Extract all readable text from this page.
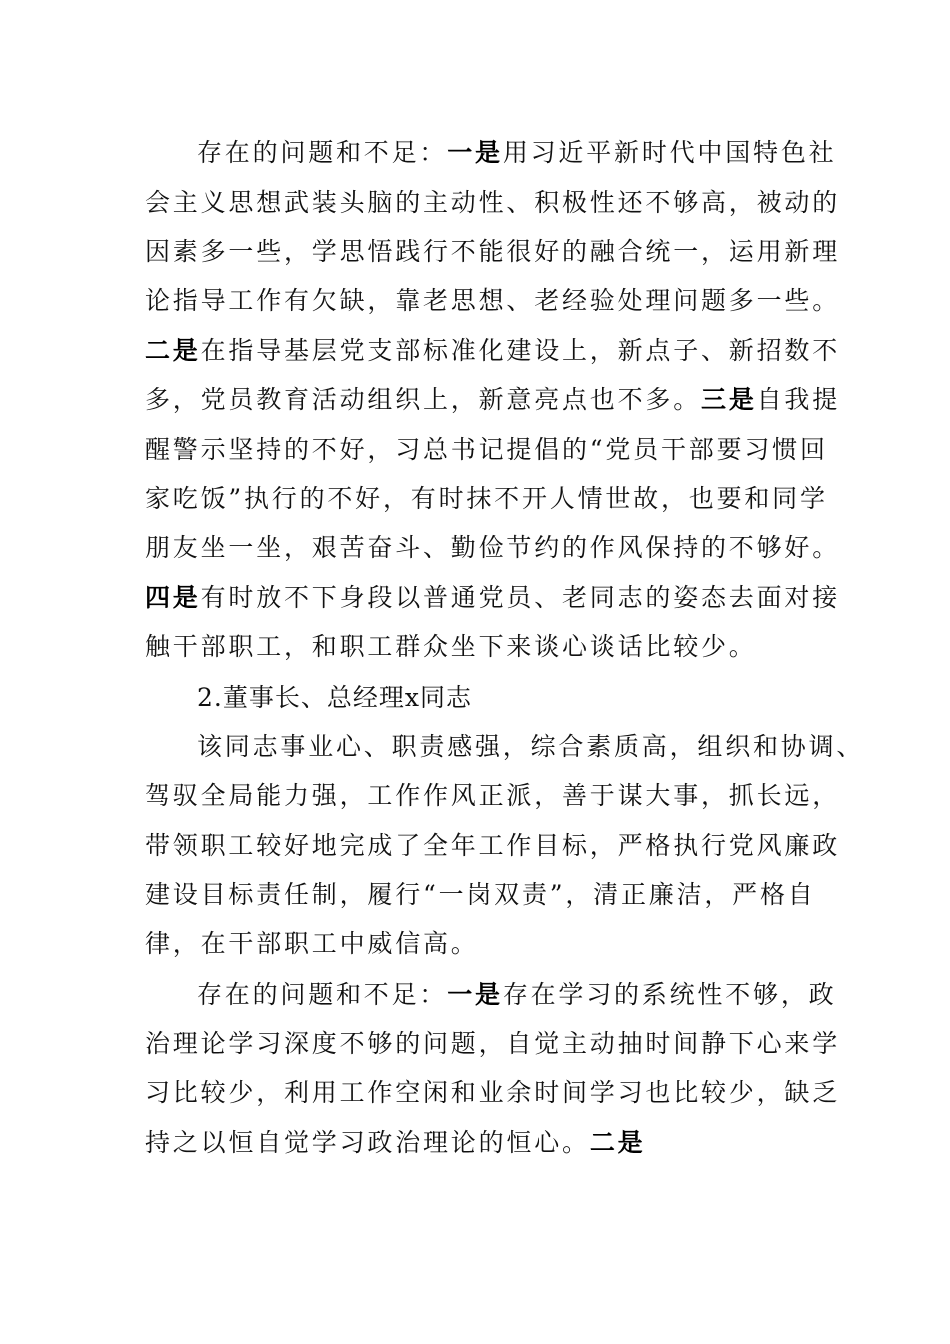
存在的问题和不足：一是用习近平新时代中国特色社
会主义思想武装头脑的主动性、积极性还不够高，被动的
因素多一些，学思悟践行不能很好的融合统一，运用新理
论指导工作有欠缺，靠老思想、老经验处理问题多一些。
二是在指导基层党支部标准化建设上，新点子、新招数不
多，党员教育活动组织上，新意亮点也不多。三是自我提
醒警示坚持的不好，习总书记提倡的“党员干部要习惯回
家吃饭”执行的不好，有时抹不开人情世故，也要和同学
朋友坐一坐，艰苦奋斗、勤俭节约的作风保持的不够好。
四是有时放不下身段以普通党员、老同志的姿态去面对接
触干部职工，和职工群众坐下来谈心谈话比较少。
2.董事长、总经理x同志
该同志事业心、职责感强，综合素质高，组织和协调、
驾驭全局能力强，工作作风正派，善于谋大事，抓长远，
带领职工较好地完成了全年工作目标，严格执行党风廉政
建设目标责任制，履行“一岗双责”，清正廉洁，严格自
律，在干部职工中威信高。
存在的问题和不足：一是存在学习的系统性不够，政
治理论学习深度不够的问题，自觉主动抽时间静下心来学
习比较少，利用工作空闲和业余时间学习也比较少，缺乏
持之以恒自觉学习政治理论的恒心。二是
